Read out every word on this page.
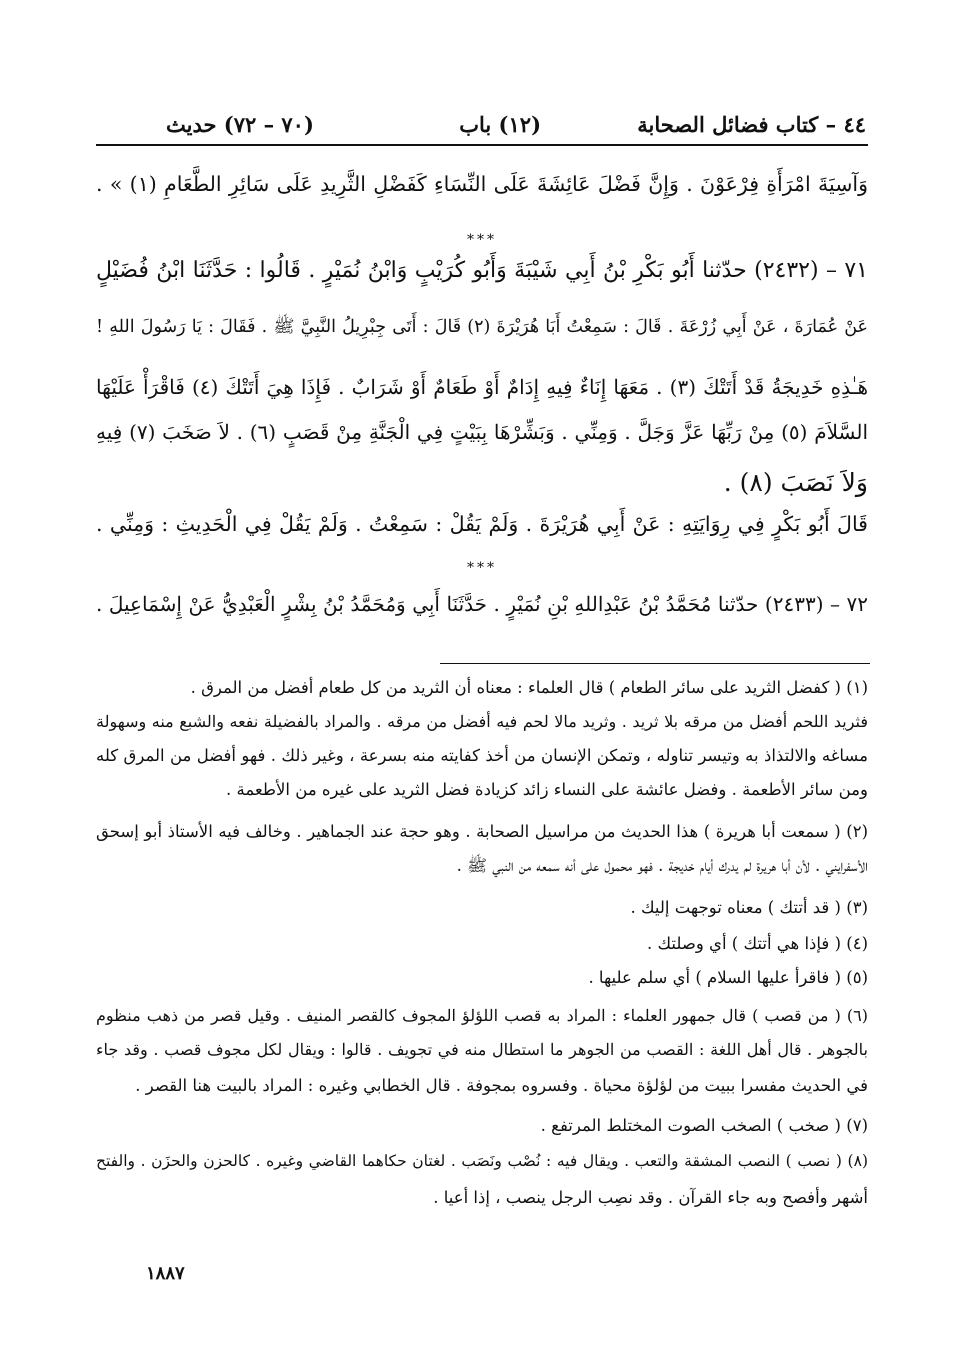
٤٤ – كتاب فضائل الصحابة
(١٢) باب
(٧٠ – ٧٢) حديث
وَآسِيَةَ امْرَأَةِ فِرْعَوْنَ . وَإِنَّ فَضْلَ عَائِشَةَ عَلَى النِّسَاءِ كَفَضْلِ الثَّرِيدِ عَلَى سَائِرِ الطَّعَامِ (١) » .
***
٧١ – (٢٤٣٢) حدّثنا أَبُو بَكْرِ بْنُ أَبِي شَيْبَةَ وَأَبُو كُرَيْبٍ وَابْنُ نُمَيْرٍ . قَالُوا : حَدَّثَنَا ابْنُ فُضَيْلٍ
عَنْ عُمَارَةَ ، عَنْ أَبِي زُرْعَةَ . قَالَ : سَمِعْتُ أَبَا هُرَيْرَةَ (٢) قَالَ : أَتَى جِبْرِيلُ النَّبِيَّ ﷺ . فَقَالَ : يَا رَسُولَ اللهِ !
هَـٰذِهِ خَدِيجَةُ قَدْ أَتَتْكَ (٣) . مَعَهَا إِنَاءٌ فِيهِ إِدَامٌ أَوْ طَعَامٌ أَوْ شَرَابٌ . فَإِذَا هِيَ أَتَتْكَ (٤) فَاقْرَأْ عَلَيْهَا
السَّلاَمَ (٥) مِنْ رَبِّهَا عَزَّ وَجَلَّ . وَمِنِّي . وَبَشِّرْهَا بِبَيْتٍ فِي الْجَنَّةِ مِنْ قَصَبٍ (٦) . لاَ صَخَبَ (٧) فِيهِ
وَلاَ نَصَبَ (٨) .
قَالَ أَبُو بَكْرٍ فِي رِوَايَتِهِ : عَنْ أَبِي هُرَيْرَةَ . وَلَمْ يَقُلْ : سَمِعْتُ . وَلَمْ يَقُلْ فِي الْحَدِيثِ : وَمِنِّي .
***
٧٢ – (٢٤٣٣) حدّثنا مُحَمَّدُ بْنُ عَبْدِاللهِ بْنِ نُمَيْرٍ . حَدَّثَنَا أَبِي وَمُحَمَّدُ بْنُ بِشْرٍ الْعَبْدِيُّ عَنْ إِسْمَاعِيلَ .
(١) ( كفضل الثريد على سائر الطعام ) قال العلماء : معناه أن الثريد من كل طعام أفضل من المرق .
فثريد اللحم أفضل من مرقه بلا ثريد . وثريد مالا لحم فيه أفضل من مرقه . والمراد بالفضيلة نفعه والشبع منه وسهولة
مساغه والالتذاذ به وتيسر تناوله ، وتمكن الإنسان من أخذ كفايته منه بسرعة ، وغير ذلك . فهو أفضل من المرق كله
ومن سائر الأطعمة . وفضل عائشة على النساء زائد كزيادة فضل الثريد على غيره من الأطعمة .
(٢) ( سمعت أبا هريرة ) هذا الحديث من مراسيل الصحابة . وهو حجة عند الجماهير . وخالف فيه الأستاذ أبو إسحق
الأسفرايني . لأن أبا هريرة لم يدرك أيام خديجة . فهو محمول على أنه سمعه من النبي ﷺ .
(٣) ( قد أتتك ) معناه توجهت إليك .
(٤) ( فإذا هي أتتك ) أي وصلتك .
(٥) ( فاقرأ عليها السلام ) أي سلم عليها .
(٦) ( من قصب ) قال جمهور العلماء : المراد به قصب اللؤلؤ المجوف كالقصر المنيف . وقيل قصر من ذهب منظوم
بالجوهر . قال أهل اللغة : القصب من الجوهر ما استطال منه في تجويف . قالوا : ويقال لكل مجوف قصب . وقد جاء
في الحديث مفسرا ببيت من لؤلؤة محياة . وفسروه بمجوفة . قال الخطابي وغيره : المراد بالبيت هنا القصر .
(٧) ( صخب ) الصخب الصوت المختلط المرتفع .
(٨) ( نصب ) النصب المشقة والتعب . ويقال فيه : نُصْب ونَصَب . لغتان حكاهما القاضي وغيره . كالحزن والحزَن . والفتح
أشهر وأفصح وبه جاء القرآن . وقد نصِب الرجل ينصب ، إذا أعيا .
١٨٨٧
